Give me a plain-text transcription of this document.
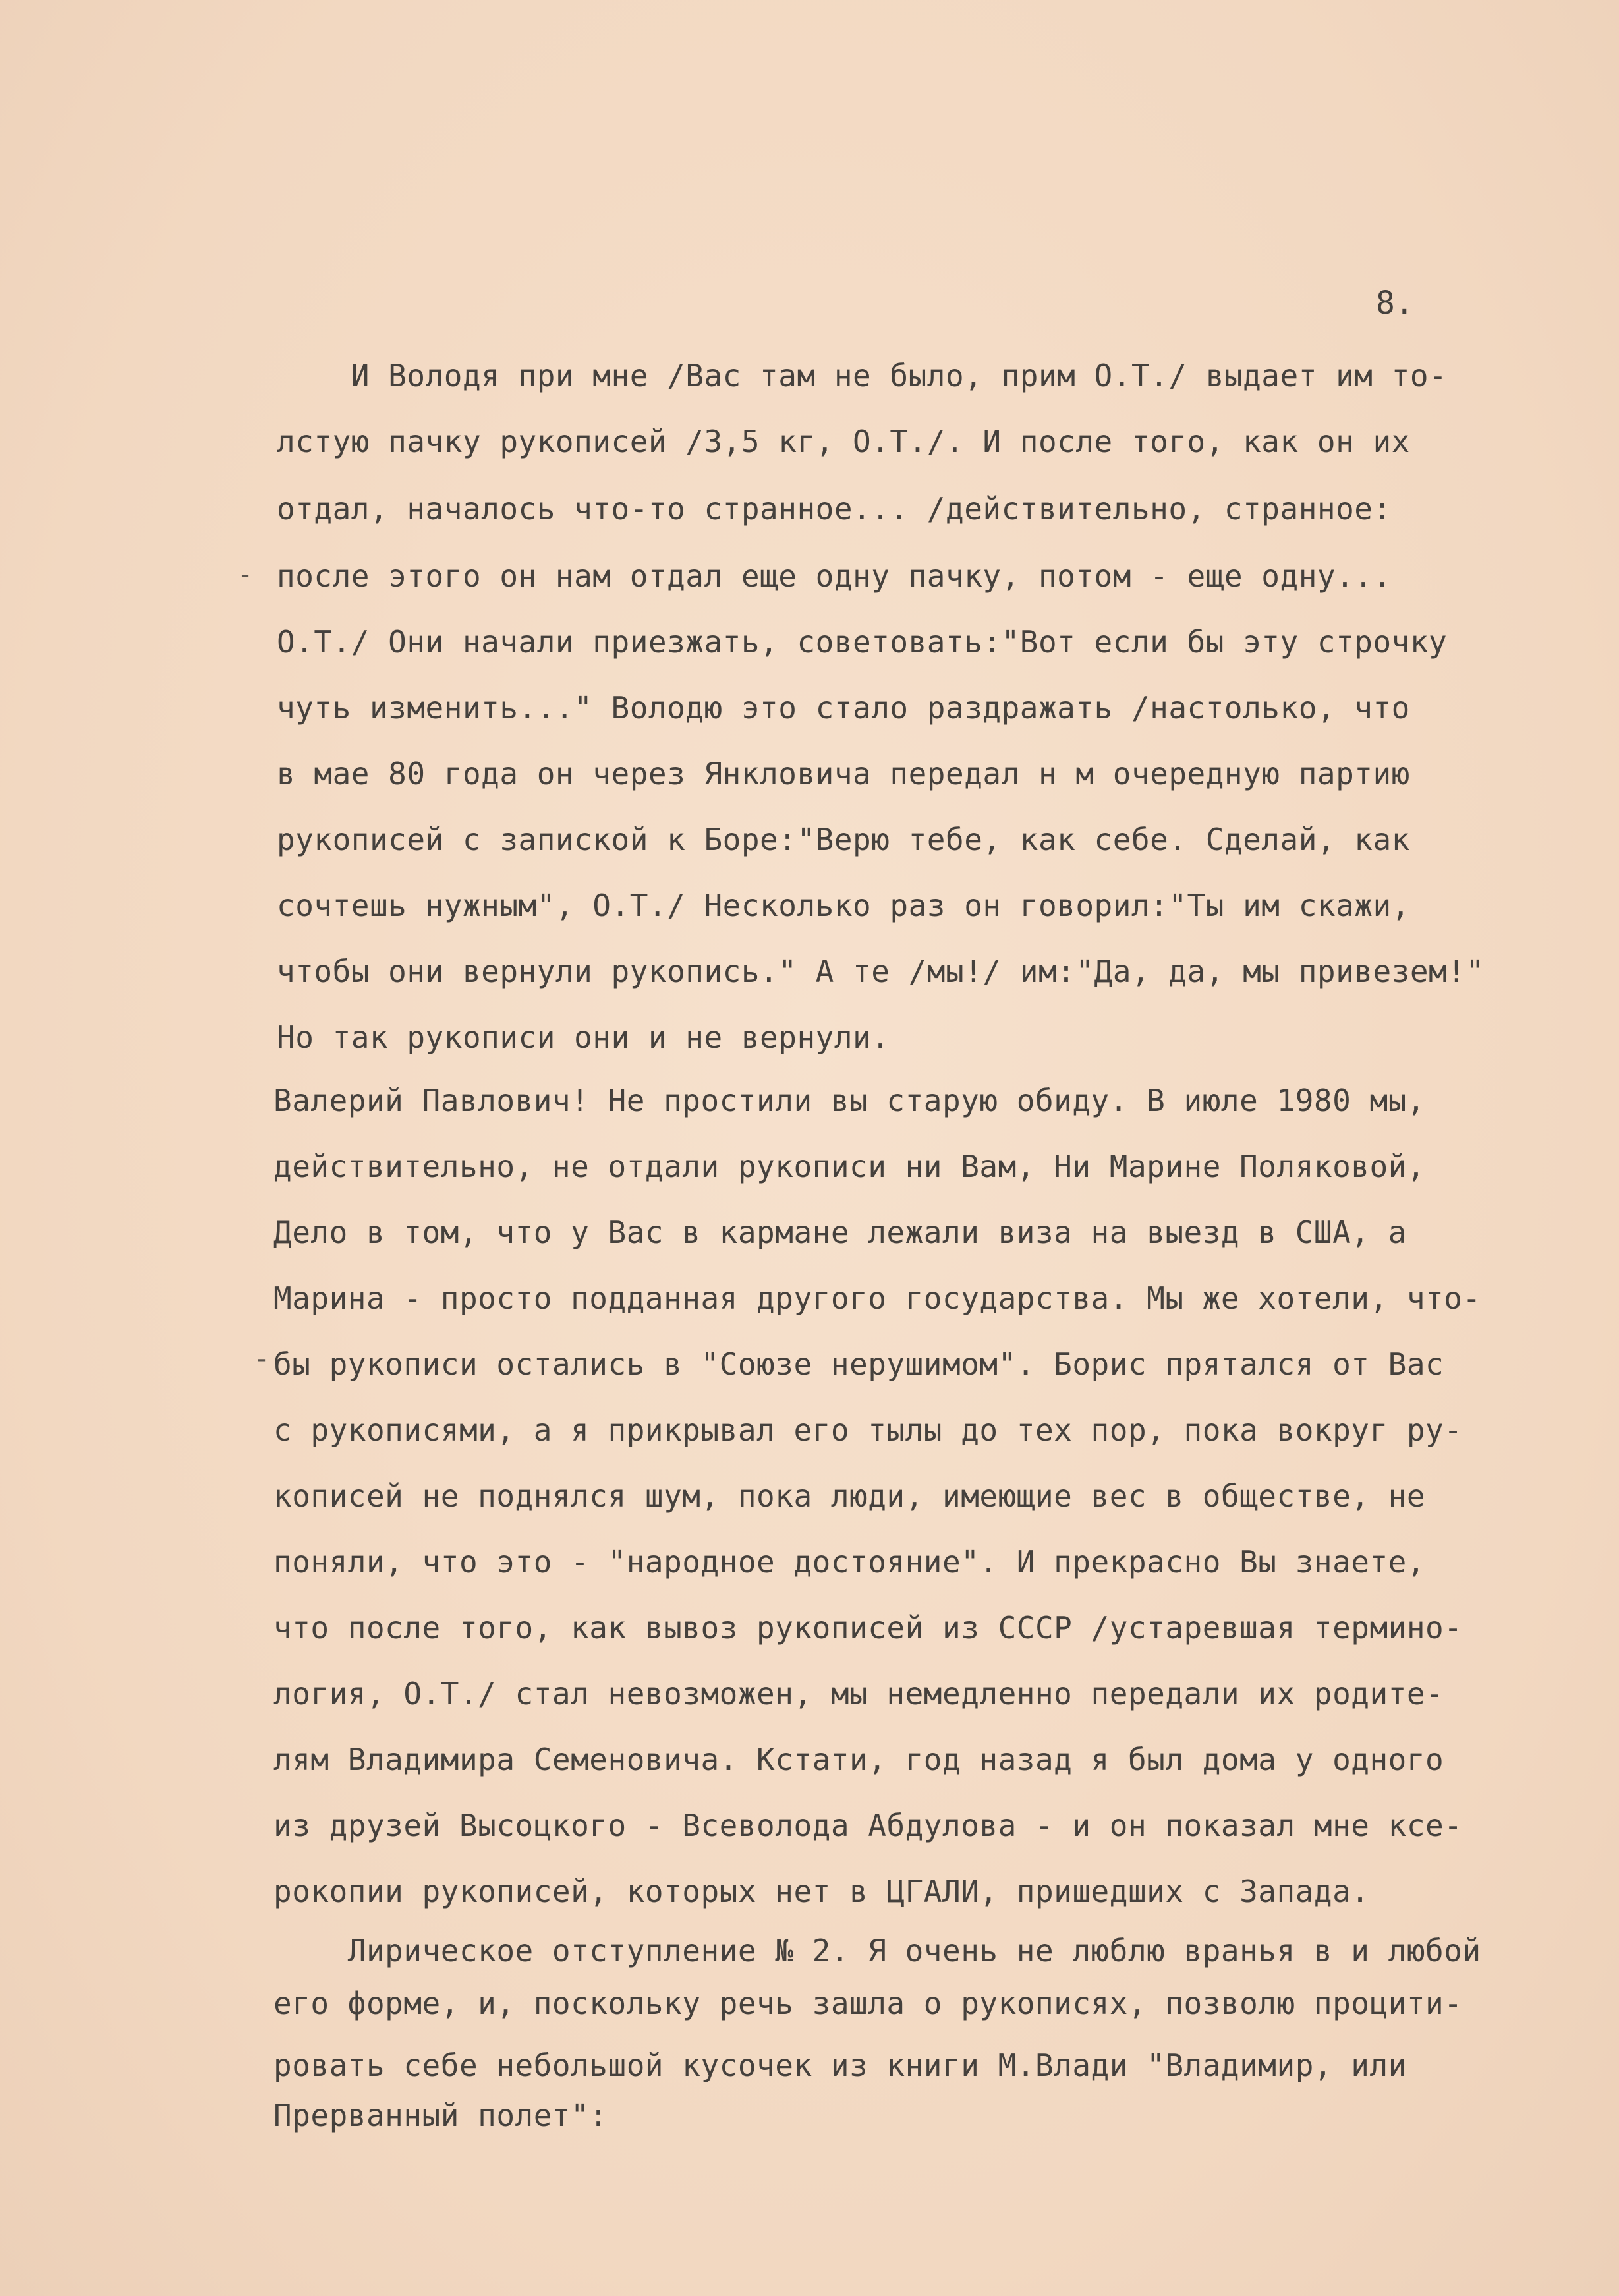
8.
-
-
И Володя при мне /Вас там не было, прим О.Т./ выдает им то-
лстую пачку рукописей /3,5 кг, О.Т./. И после того, как он их
отдал, началось что-то странное... /действительно, странное:
после этого он нам отдал еще одну пачку, потом - еще одну...
О.Т./ Они начали приезжать, советовать:"Вот если бы эту строчку
чуть изменить..." Володю это стало раздражать /настолько, что
в мае 80 года он через Янкловича передал н м очередную партию
рукописей с запиской к Боре:"Верю тебе, как себе. Сделай, как
сочтешь нужным", О.Т./ Несколько раз он говорил:"Ты им скажи,
чтобы они вернули рукопись." А те /мы!/ им:"Да, да, мы привезем!"
Но так рукописи они и не вернули.
Валерий Павлович! Не простили вы старую обиду. В июле 1980 мы,
действительно, не отдали рукописи ни Вам, Ни Марине Поляковой,
Дело в том, что у Вас в кармане лежали виза на выезд в США, а
Марина - просто подданная другого государства. Мы же хотели, что-
бы рукописи остались в "Союзе нерушимом". Борис прятался от Вас
с рукописями, а я прикрывал его тылы до тех пор, пока вокруг ру-
кописей не поднялся шум, пока люди, имеющие вес в обществе, не
поняли, что это - "народное достояние". И прекрасно Вы знаете,
что после того, как вывоз рукописей из СССР /устаревшая термино-
логия, О.Т./ стал невозможен, мы немедленно передали их родите-
лям Владимира Семеновича. Кстати, год назад я был дома у одного
из друзей Высоцкого - Всеволода Абдулова - и он показал мне ксе-
рокопии рукописей, которых нет в ЦГАЛИ, пришедших с Запада.
Лирическое отступление № 2. Я очень не люблю вранья в и любой
его форме, и, поскольку речь зашла о рукописях, позволю процити-
ровать себе небольшой кусочек из книги М.Влади "Владимир, или
Прерванный полет":
